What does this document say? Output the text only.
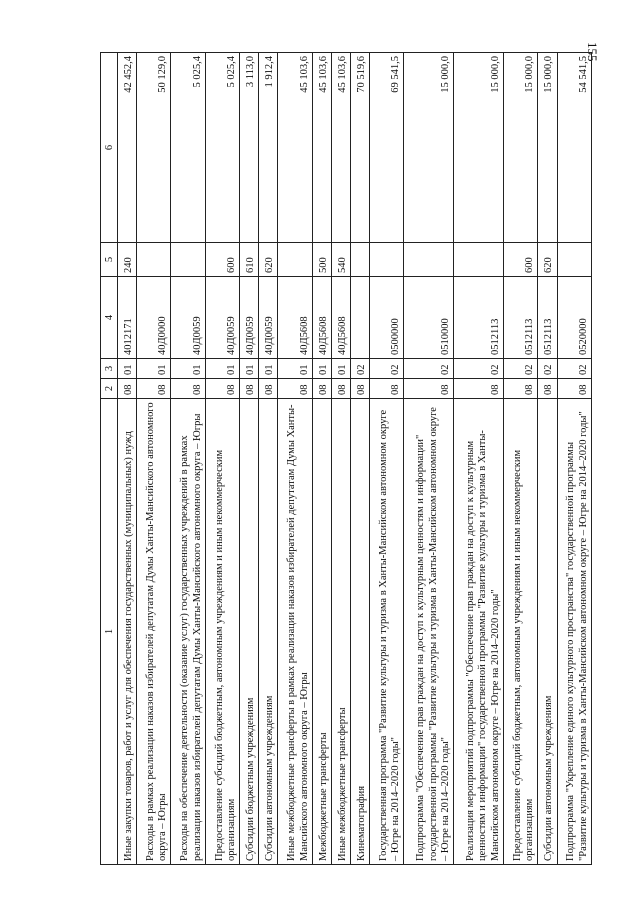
155
1	2	3	4	5	6
Иные закупки товаров, работ и услуг для обеспечения государственных (муниципальных) нужд	08	01	4012171	240	42 452,4
Расходы в рамках реализации наказов избирателей депутатам Думы Ханты-Мансийского автономного округа – Югры	08	01	40Д0000		50 129,0
Расходы на обеспечение деятельности (оказание услуг) государственных учреждений в рамках реализации наказов избирателей депутатам Думы Ханты-Мансийского автономного округа – Югры	08	01	40Д0059		5 025,4
Предоставление субсидий бюджетным, автономным учреждениям и иным некоммерческим организациям	08	01	40Д0059	600	5 025,4
Субсидии бюджетным учреждениям	08	01	40Д0059	610	3 113,0
Субсидии автономным учреждениям	08	01	40Д0059	620	1 912,4
Иные межбюджетные трансферты в рамках реализации наказов избирателей депутатам Думы Ханты-Мансийского автономного округа – Югры	08	01	40Д5608		45 103,6
Межбюджетные трансферты	08	01	40Д5608	500	45 103,6
Иные межбюджетные трансферты	08	01	40Д5608	540	45 103,6
Кинематография	08	02			70 519,6
Государственная программа "Развитие культуры и туризма в Ханты-Мансийском автономном округе – Югре на 2014–2020 годы"	08	02	0500000		69 541,5
Подпрограмма "Обеспечение прав граждан на доступ к культурным ценностям и информации" государственной программы "Развитие культуры и туризма в Ханты-Мансийском автономном округе – Югре на 2014–2020 годы"	08	02	0510000		15 000,0
Реализация мероприятий подпрограммы "Обеспечение прав граждан на доступ к культурным ценностям и информации" государственной программы "Развитие культуры и туризма в Ханты-Мансийском автономном округе – Югре на 2014–2020 годы"	08	02	0512113		15 000,0
Предоставление субсидий бюджетным, автономным учреждениям и иным некоммерческим организациям	08	02	0512113	600	15 000,0
Субсидии автономным учреждениям	08	02	0512113	620	15 000,0
Подпрограмма "Укрепление единого культурного пространства" государственной программы "Развитие культуры и туризма в Ханты-Мансийском автономном округе – Югре на 2014–2020 годы"	08	02	0520000		54 541,5
